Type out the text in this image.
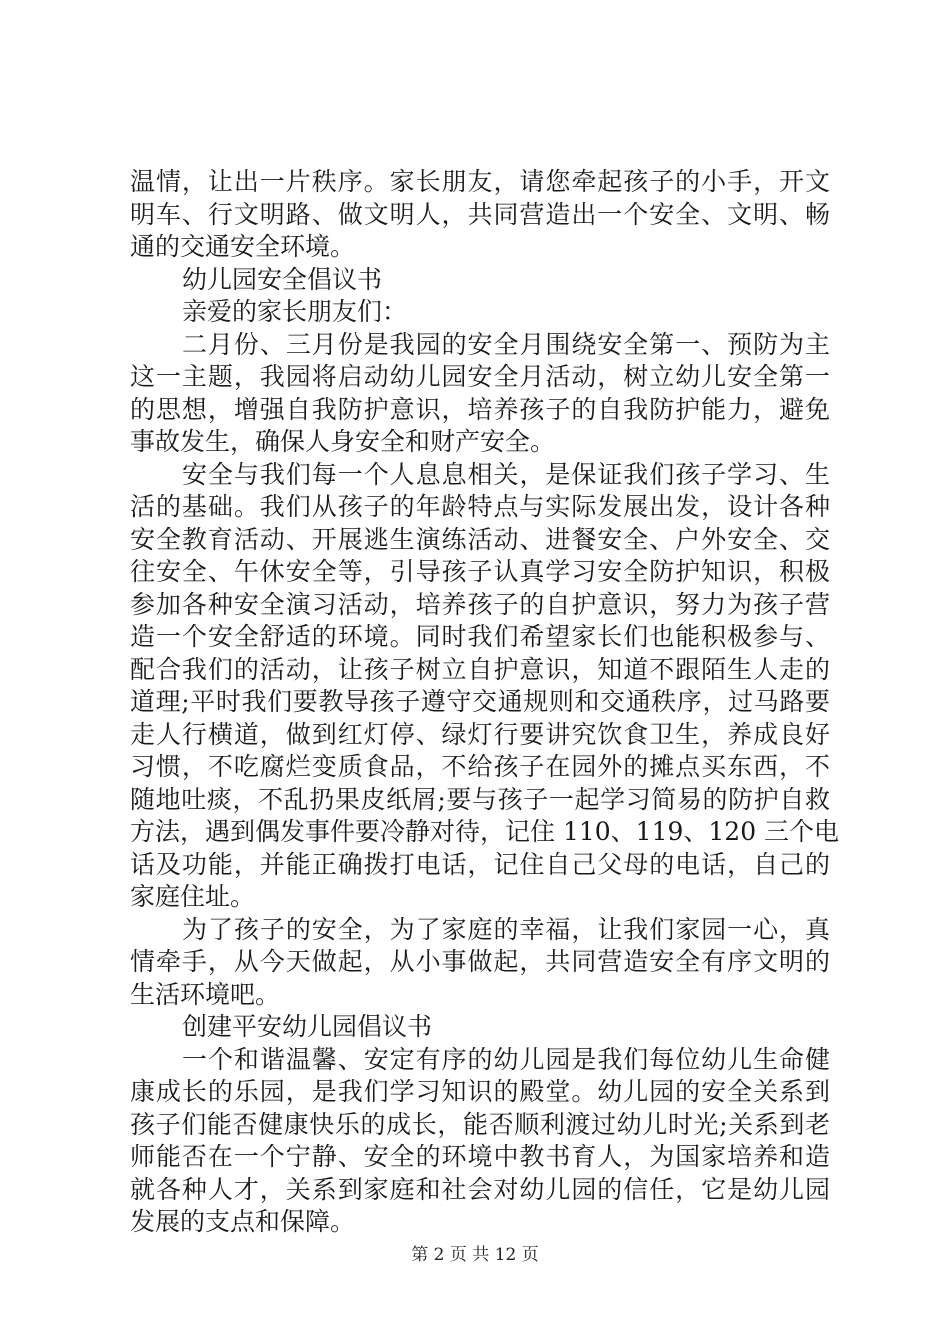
温情，让出一片秩序。家长朋友，请您牵起孩子的小手，开文
明车、行文明路、做文明人，共同营造出一个安全、文明、畅
通的交通安全环境。
幼儿园安全倡议书
亲爱的家长朋友们：
二月份、三月份是我园的安全月围绕安全第一、预防为主
这一主题，我园将启动幼儿园安全月活动，树立幼儿安全第一
的思想，增强自我防护意识，培养孩子的自我防护能力，避免
事故发生，确保人身安全和财产安全。
安全与我们每一个人息息相关，是保证我们孩子学习、生
活的基础。我们从孩子的年龄特点与实际发展出发，设计各种
安全教育活动、开展逃生演练活动、进餐安全、户外安全、交
往安全、午休安全等，引导孩子认真学习安全防护知识，积极
参加各种安全演习活动，培养孩子的自护意识，努力为孩子营
造一个安全舒适的环境。同时我们希望家长们也能积极参与、
配合我们的活动，让孩子树立自护意识，知道不跟陌生人走的
道理;平时我们要教导孩子遵守交通规则和交通秩序，过马路要
走人行横道，做到红灯停、绿灯行要讲究饮食卫生，养成良好
习惯，不吃腐烂变质食品，不给孩子在园外的摊点买东西，不
随地吐痰，不乱扔果皮纸屑;要与孩子一起学习简易的防护自救
方法，遇到偶发事件要冷静对待，记住 110、119、120 三个电
话及功能，并能正确拨打电话，记住自己父母的电话，自己的
家庭住址。
为了孩子的安全，为了家庭的幸福，让我们家园一心，真
情牵手，从今天做起，从小事做起，共同营造安全有序文明的
生活环境吧。
创建平安幼儿园倡议书
一个和谐温馨、安定有序的幼儿园是我们每位幼儿生命健
康成长的乐园，是我们学习知识的殿堂。幼儿园的安全关系到
孩子们能否健康快乐的成长，能否顺利渡过幼儿时光;关系到老
师能否在一个宁静、安全的环境中教书育人，为国家培养和造
就各种人才，关系到家庭和社会对幼儿园的信任，它是幼儿园
发展的支点和保障。
第 2 页 共 12 页
